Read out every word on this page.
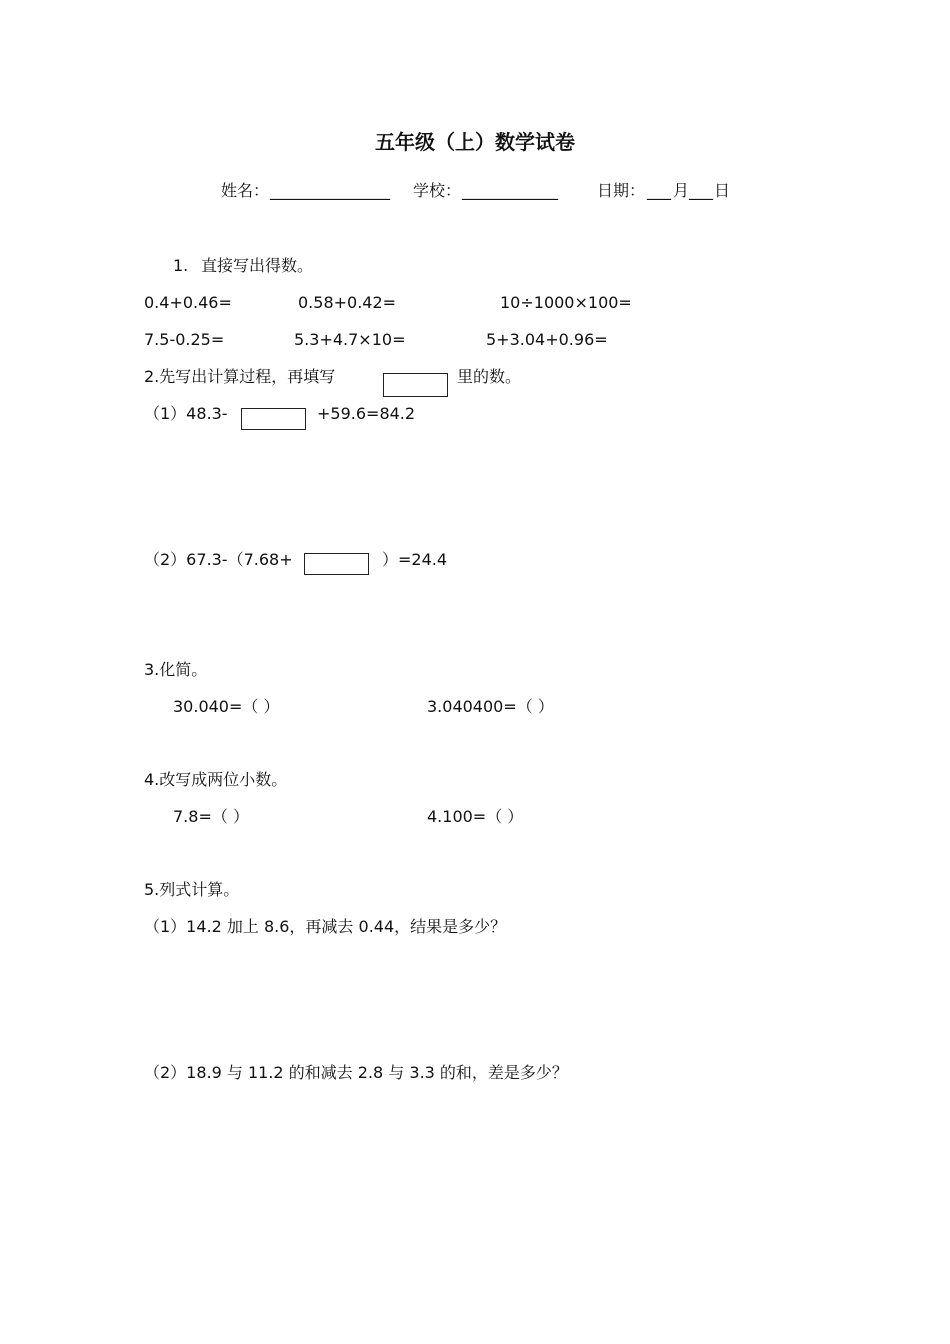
五年级（上）数学试卷
姓名： _______________ 学校： ____________ 日期： ___ 月 ___ 日
1. 直接写出得数。
0.4+0.46=	0.58+0.42=	10÷1000×100=
7.5-0.25=	5.3+4.7×10=	5+3.04+0.96=
2.先写出计算过程，再填写	里的数。
（1）48.3-	+59.6=84.2
（2）67.3-（7.68+	）=24.4
3.化简。
30.040=（ ）	3.040400=（ ）
4.改写成两位小数。
7.8=（ ）	4.100=（ ）
5.列式计算。
（1）14.2 加上 8.6，再减去 0.44，结果是多少？
（2）18.9 与 11.2 的和减去 2.8 与 3.3 的和，差是多少？
